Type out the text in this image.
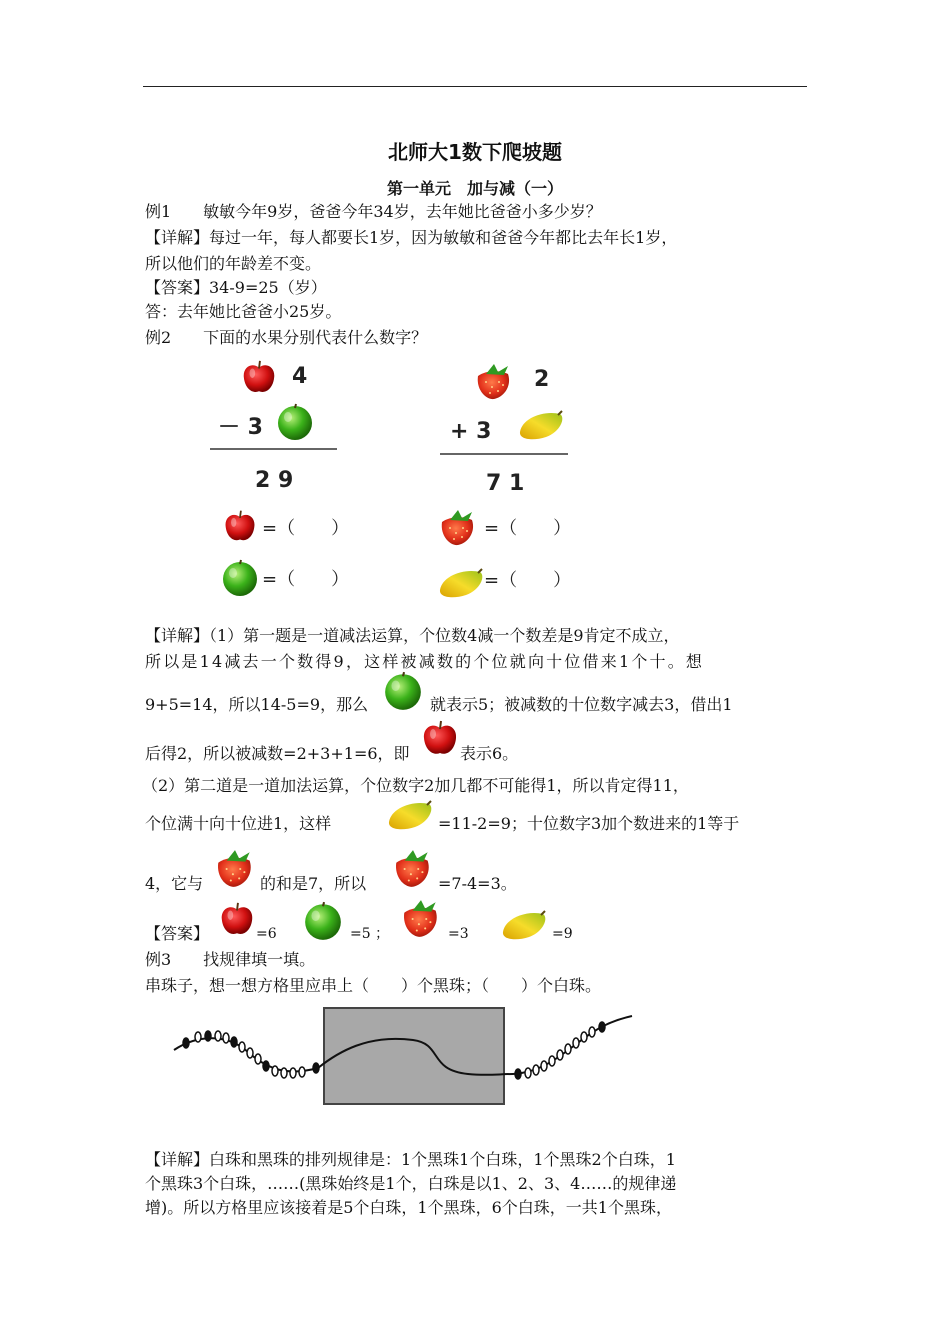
北师大1数下爬坡题
第一单元　加与减（一）
例1　　敏敏今年9岁，爸爸今年34岁，去年她比爸爸小多少岁？
【详解】每过一年，每人都要长1岁，因为敏敏和爸爸今年都比去年长1岁，
所以他们的年龄差不变。
【答案】34-9=25（岁）
答：去年她比爸爸小25岁。
例2　　下面的水果分别代表什么数字？
4
－ 3
2 9
=（　　）
=（　　）
2
+ 3
7 1
=（　　）
=（　　）
【详解】（1）第一题是一道减法运算，个位数4减一个数差是9肯定不成立，
所以是14减去一个数得9，这样被减数的个位就向十位借来1个十。想
9+5=14，所以14-5=9，那么	就表示5；被减数的十位数字减去3，借出1
后得2，所以被减数=2+3+1=6，即	表示6。
（2）第二道是一道加法运算，个位数字2加几都不可能得1，所以肯定得11，
个位满十向十位进1，这样	=11-2=9；十位数字3加个数进来的1等于
4，它与	的和是7，所以	=7-4=3。
【答案】	=6	=5 ；	=3	=9
例3　　找规律填一填。
串珠子，想一想方格里应串上（　　）个黑珠；（　　）个白珠。
【详解】白珠和黑珠的排列规律是：1个黑珠1个白珠，1个黑珠2个白珠，1
个黑珠3个白珠，……(黑珠始终是1个，白珠是以1、2、3、4……的规律递
增)。所以方格里应该接着是5个白珠，1个黑珠，6个白珠，一共1个黑珠，
